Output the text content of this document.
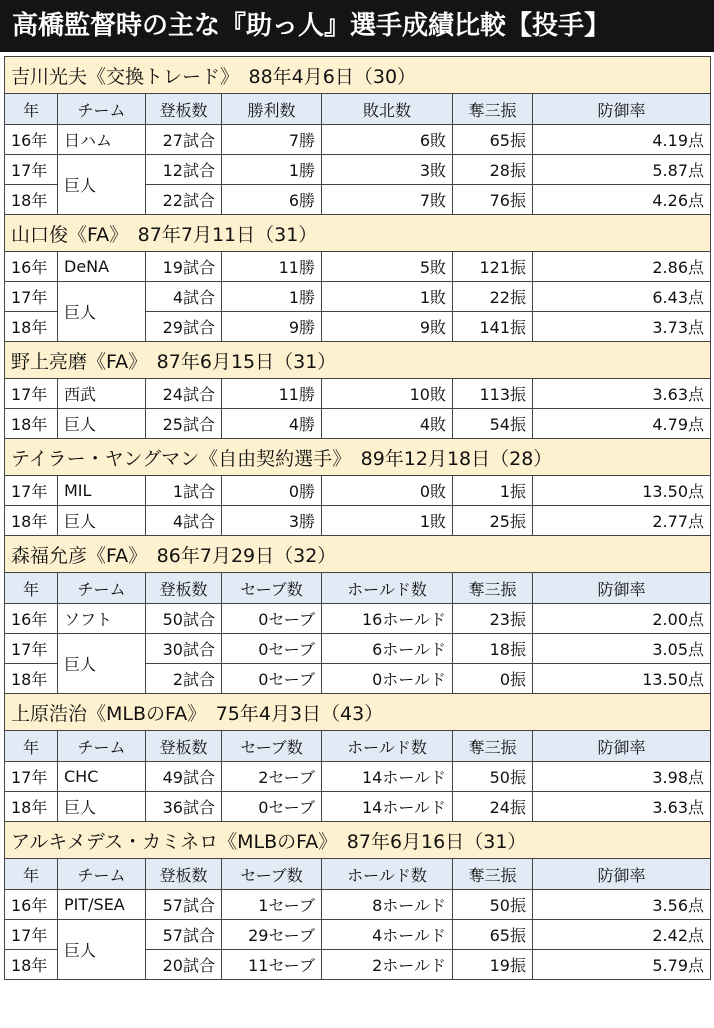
高橋監督時の主な『助っ人』選手成績比較【投手】
吉川光夫《交換トレード》　88年4月6日（30）						
年	チーム	登板数	勝利数	敗北数	奪三振	防御率
16年	日ハム	27試合	7勝	6敗	65振	4.19点
17年	巨人	12試合	1勝	3敗	28振	5.87点
18年		22試合	6勝	7敗	76振	4.26点
山口俊《FA》　87年7月11日（31）						
16年	DeNA	19試合	11勝	5敗	121振	2.86点
17年	巨人	4試合	1勝	1敗	22振	6.43点
18年		29試合	9勝	9敗	141振	3.73点
野上亮磨《FA》　87年6月15日（31）						
17年	西武	24試合	11勝	10敗	113振	3.63点
18年	巨人	25試合	4勝	4敗	54振	4.79点
テイラー・ヤングマン《自由契約選手》　89年12月18日（28）						
17年	MIL	1試合	0勝	0敗	1振	13.50点
18年	巨人	4試合	3勝	1敗	25振	2.77点
森福允彦《FA》　86年7月29日（32）						
年	チーム	登板数	セーブ数	ホールド数	奪三振	防御率
16年	ソフト	50試合	0セーブ	16ホールド	23振	2.00点
17年	巨人	30試合	0セーブ	6ホールド	18振	3.05点
18年		2試合	0セーブ	0ホールド	0振	13.50点
上原浩治《MLBのFA》　75年4月3日（43）						
年	チーム	登板数	セーブ数	ホールド数	奪三振	防御率
17年	CHC	49試合	2セーブ	14ホールド	50振	3.98点
18年	巨人	36試合	0セーブ	14ホールド	24振	3.63点
アルキメデス・カミネロ《MLBのFA》　87年6月16日（31）						
年	チーム	登板数	セーブ数	ホールド数	奪三振	防御率
16年	PIT/SEA	57試合	1セーブ	8ホールド	50振	3.56点
17年	巨人	57試合	29セーブ	4ホールド	65振	2.42点
18年		20試合	11セーブ	2ホールド	19振	5.79点
